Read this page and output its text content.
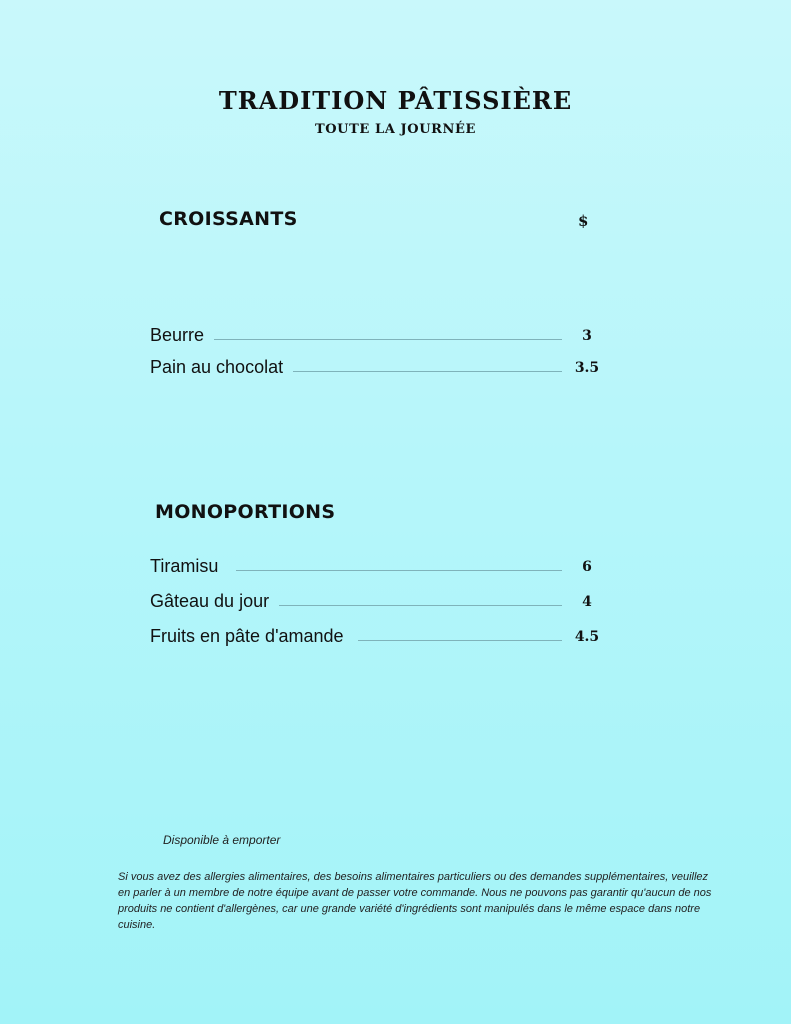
TRADITION PÂTISSIÈRE
TOUTE LA JOURNÉE
CROISSANTS	$
Beurre	3
Pain au chocolat	3.5
MONOPORTIONS
Tiramisu	6
Gâteau du jour	4
Fruits en pâte d'amande	4.5
Disponible à emporter

Si vous avez des allergies alimentaires, des besoins alimentaires particuliers ou des demandes supplémentaires, veuillez en parler à un membre de notre équipe avant de passer votre commande. Nous ne pouvons pas garantir qu'aucun de nos produits ne contient d'allergènes, car une grande variété d'ingrédients sont manipulés dans le même espace dans notre cuisine.
